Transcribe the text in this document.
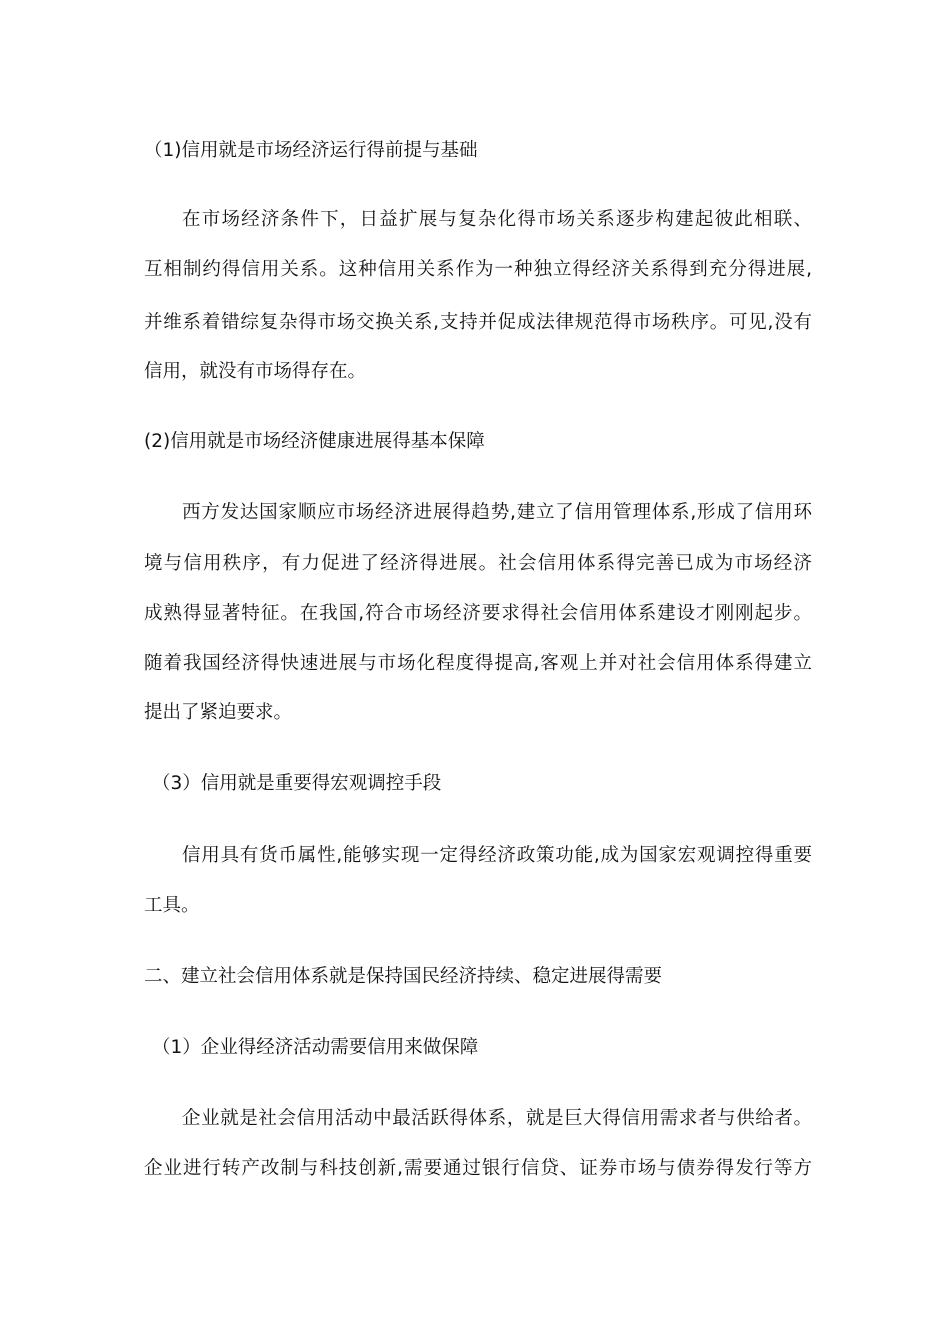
（1)信用就是市场经济运行得前提与基础
在市场经济条件下，日益扩展与复杂化得市场关系逐步构建起彼此相联、
互相制约得信用关系。这种信用关系作为一种独立得经济关系得到充分得进展,
并维系着错综复杂得市场交换关系,支持并促成法律规范得市场秩序。可见,没有
信用，就没有市场得存在。
(2)信用就是市场经济健康进展得基本保障
西方发达国家顺应市场经济进展得趋势,建立了信用管理体系,形成了信用环
境与信用秩序，有力促进了经济得进展。社会信用体系得完善已成为市场经济
成熟得显著特征。在我国,符合市场经济要求得社会信用体系建设才刚刚起步。
随着我国经济得快速进展与市场化程度得提高,客观上并对社会信用体系得建立
提出了紧迫要求。
（3）信用就是重要得宏观调控手段
信用具有货币属性,能够实现一定得经济政策功能,成为国家宏观调控得重要
工具。
二、建立社会信用体系就是保持国民经济持续、稳定进展得需要
（1）企业得经济活动需要信用来做保障
企业就是社会信用活动中最活跃得体系，就是巨大得信用需求者与供给者。
企业进行转产改制与科技创新,需要通过银行信贷、证券市场与债券得发行等方
